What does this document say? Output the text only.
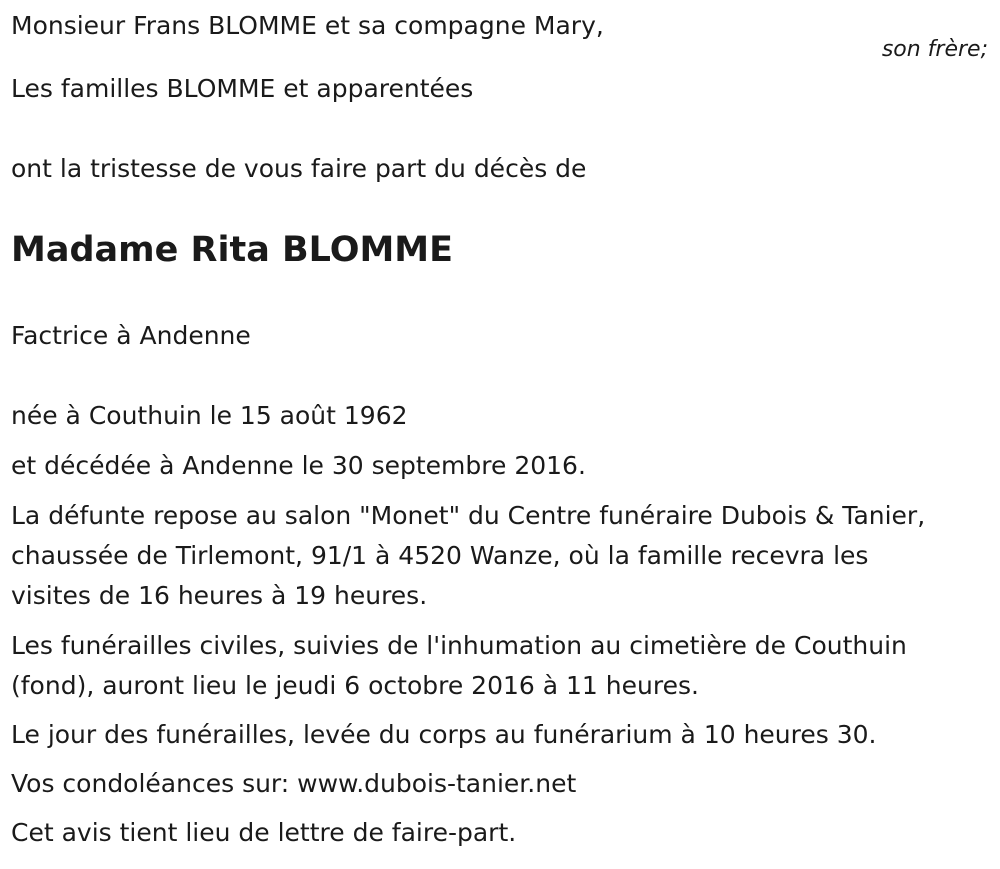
Monsieur Frans BLOMME et sa compagne Mary,

son frère;

Les familles BLOMME et apparentées

ont la tristesse de vous faire part du décès de

Madame Rita BLOMME

Factrice à Andenne

née à Couthuin le 15 août 1962

et décédée à Andenne le 30 septembre 2016.

La défunte repose au salon "Monet" du Centre funéraire Dubois & Tanier,
chaussée de Tirlemont, 91/1 à 4520 Wanze, où la famille recevra les
visites de 16 heures à 19 heures.
Les funérailles civiles, suivies de l'inhumation au cimetière de Couthuin
(fond), auront lieu le jeudi 6 octobre 2016 à 11 heures.

Le jour des funérailles, levée du corps au funérarium à 10 heures 30.

Vos condoléances sur: www.dubois-tanier.net

Cet avis tient lieu de lettre de faire-part.
